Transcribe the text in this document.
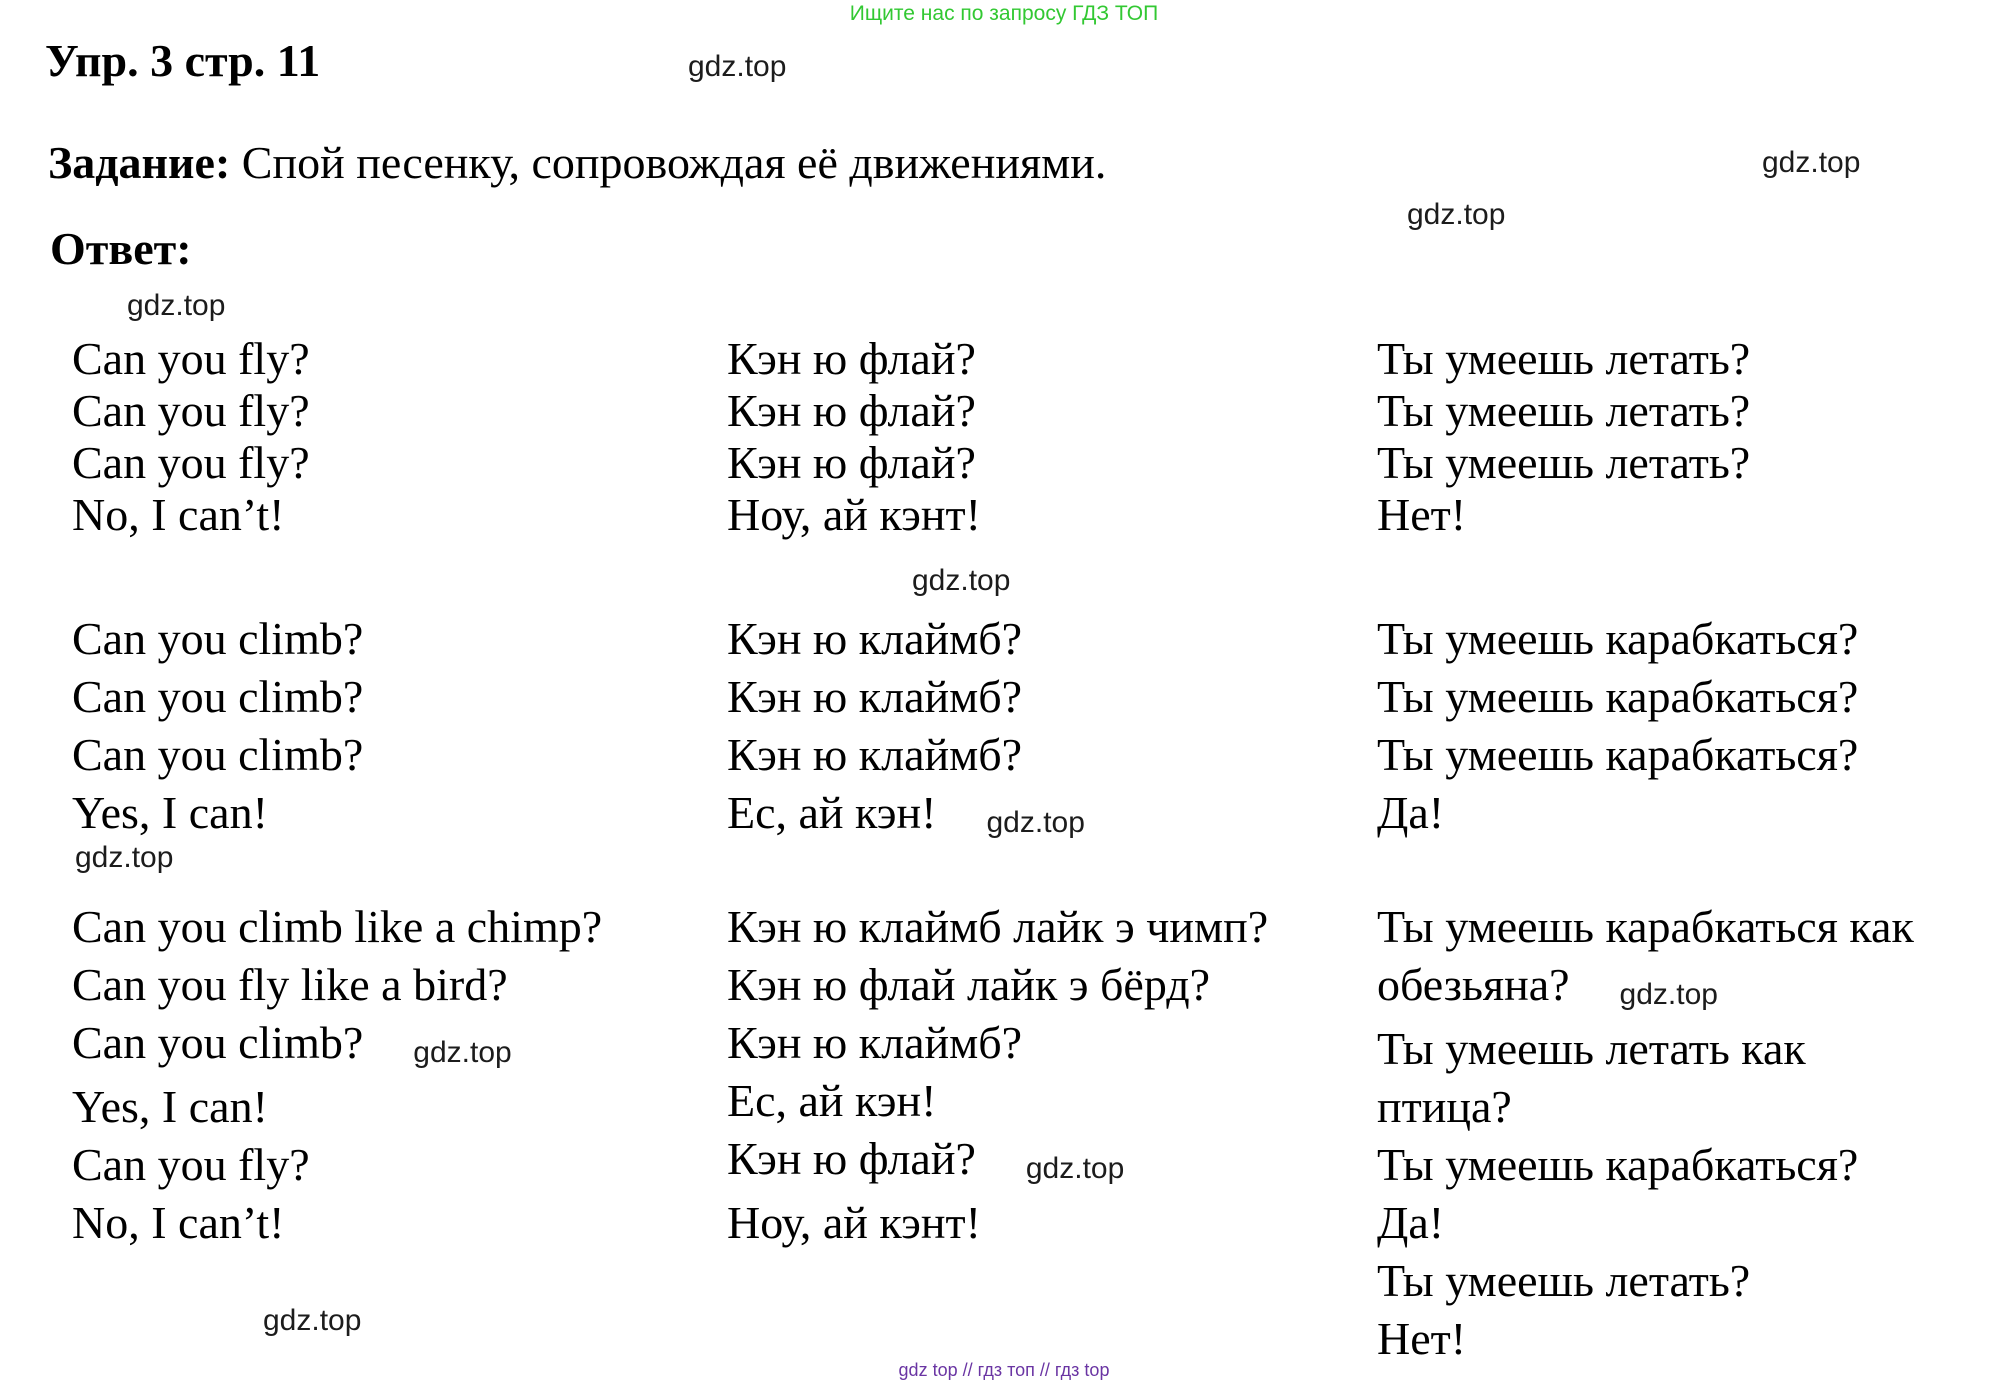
Ищите нас по запросу ГДЗ ТОП
Упр. 3 стр. 11	gdz.top
Задание: Спой песенку, сопровождая её движениями.	gdz.top
gdz.top
Ответ:
gdz.top
Can you fly?
Can you fly?
Can you fly?
No, I can’t!
Кэн ю флай?
Кэн ю флай?
Кэн ю флай?
Ноу, ай кэнт!
Ты умеешь летать?
Ты умеешь летать?
Ты умеешь летать?
Нет!
Can you climb?
Can you climb?
Can you climb?
Yes, I can!
Кэн ю клаймб?
Кэн ю клаймб?
Кэн ю клаймб?
Ес, ай кэн! gdz.top
Ты умеешь карабкаться?
Ты умеешь карабкаться?
Ты умеешь карабкаться?
Да!
Can you climb like a chimp?
Can you fly like a bird?
Can you climb? gdz.top
Yes, I can!
Can you fly?
No, I can’t!
Кэн ю клаймб лайк э чимп?
Кэн ю флай лайк э бёрд?
Кэн ю клаймб?
Ес, ай кэн!
Кэн ю флай? gdz.top
Ноу, ай кэнт!
Ты умеешь карабкаться как
обезьяна? gdz.top
Ты умеешь летать как
птица?
Ты умеешь карабкаться?
Да!
Ты умеешь летать?
Нет!
gdz.top
gdz.top
gdz.top
gdz top // гдз топ // гдз top
